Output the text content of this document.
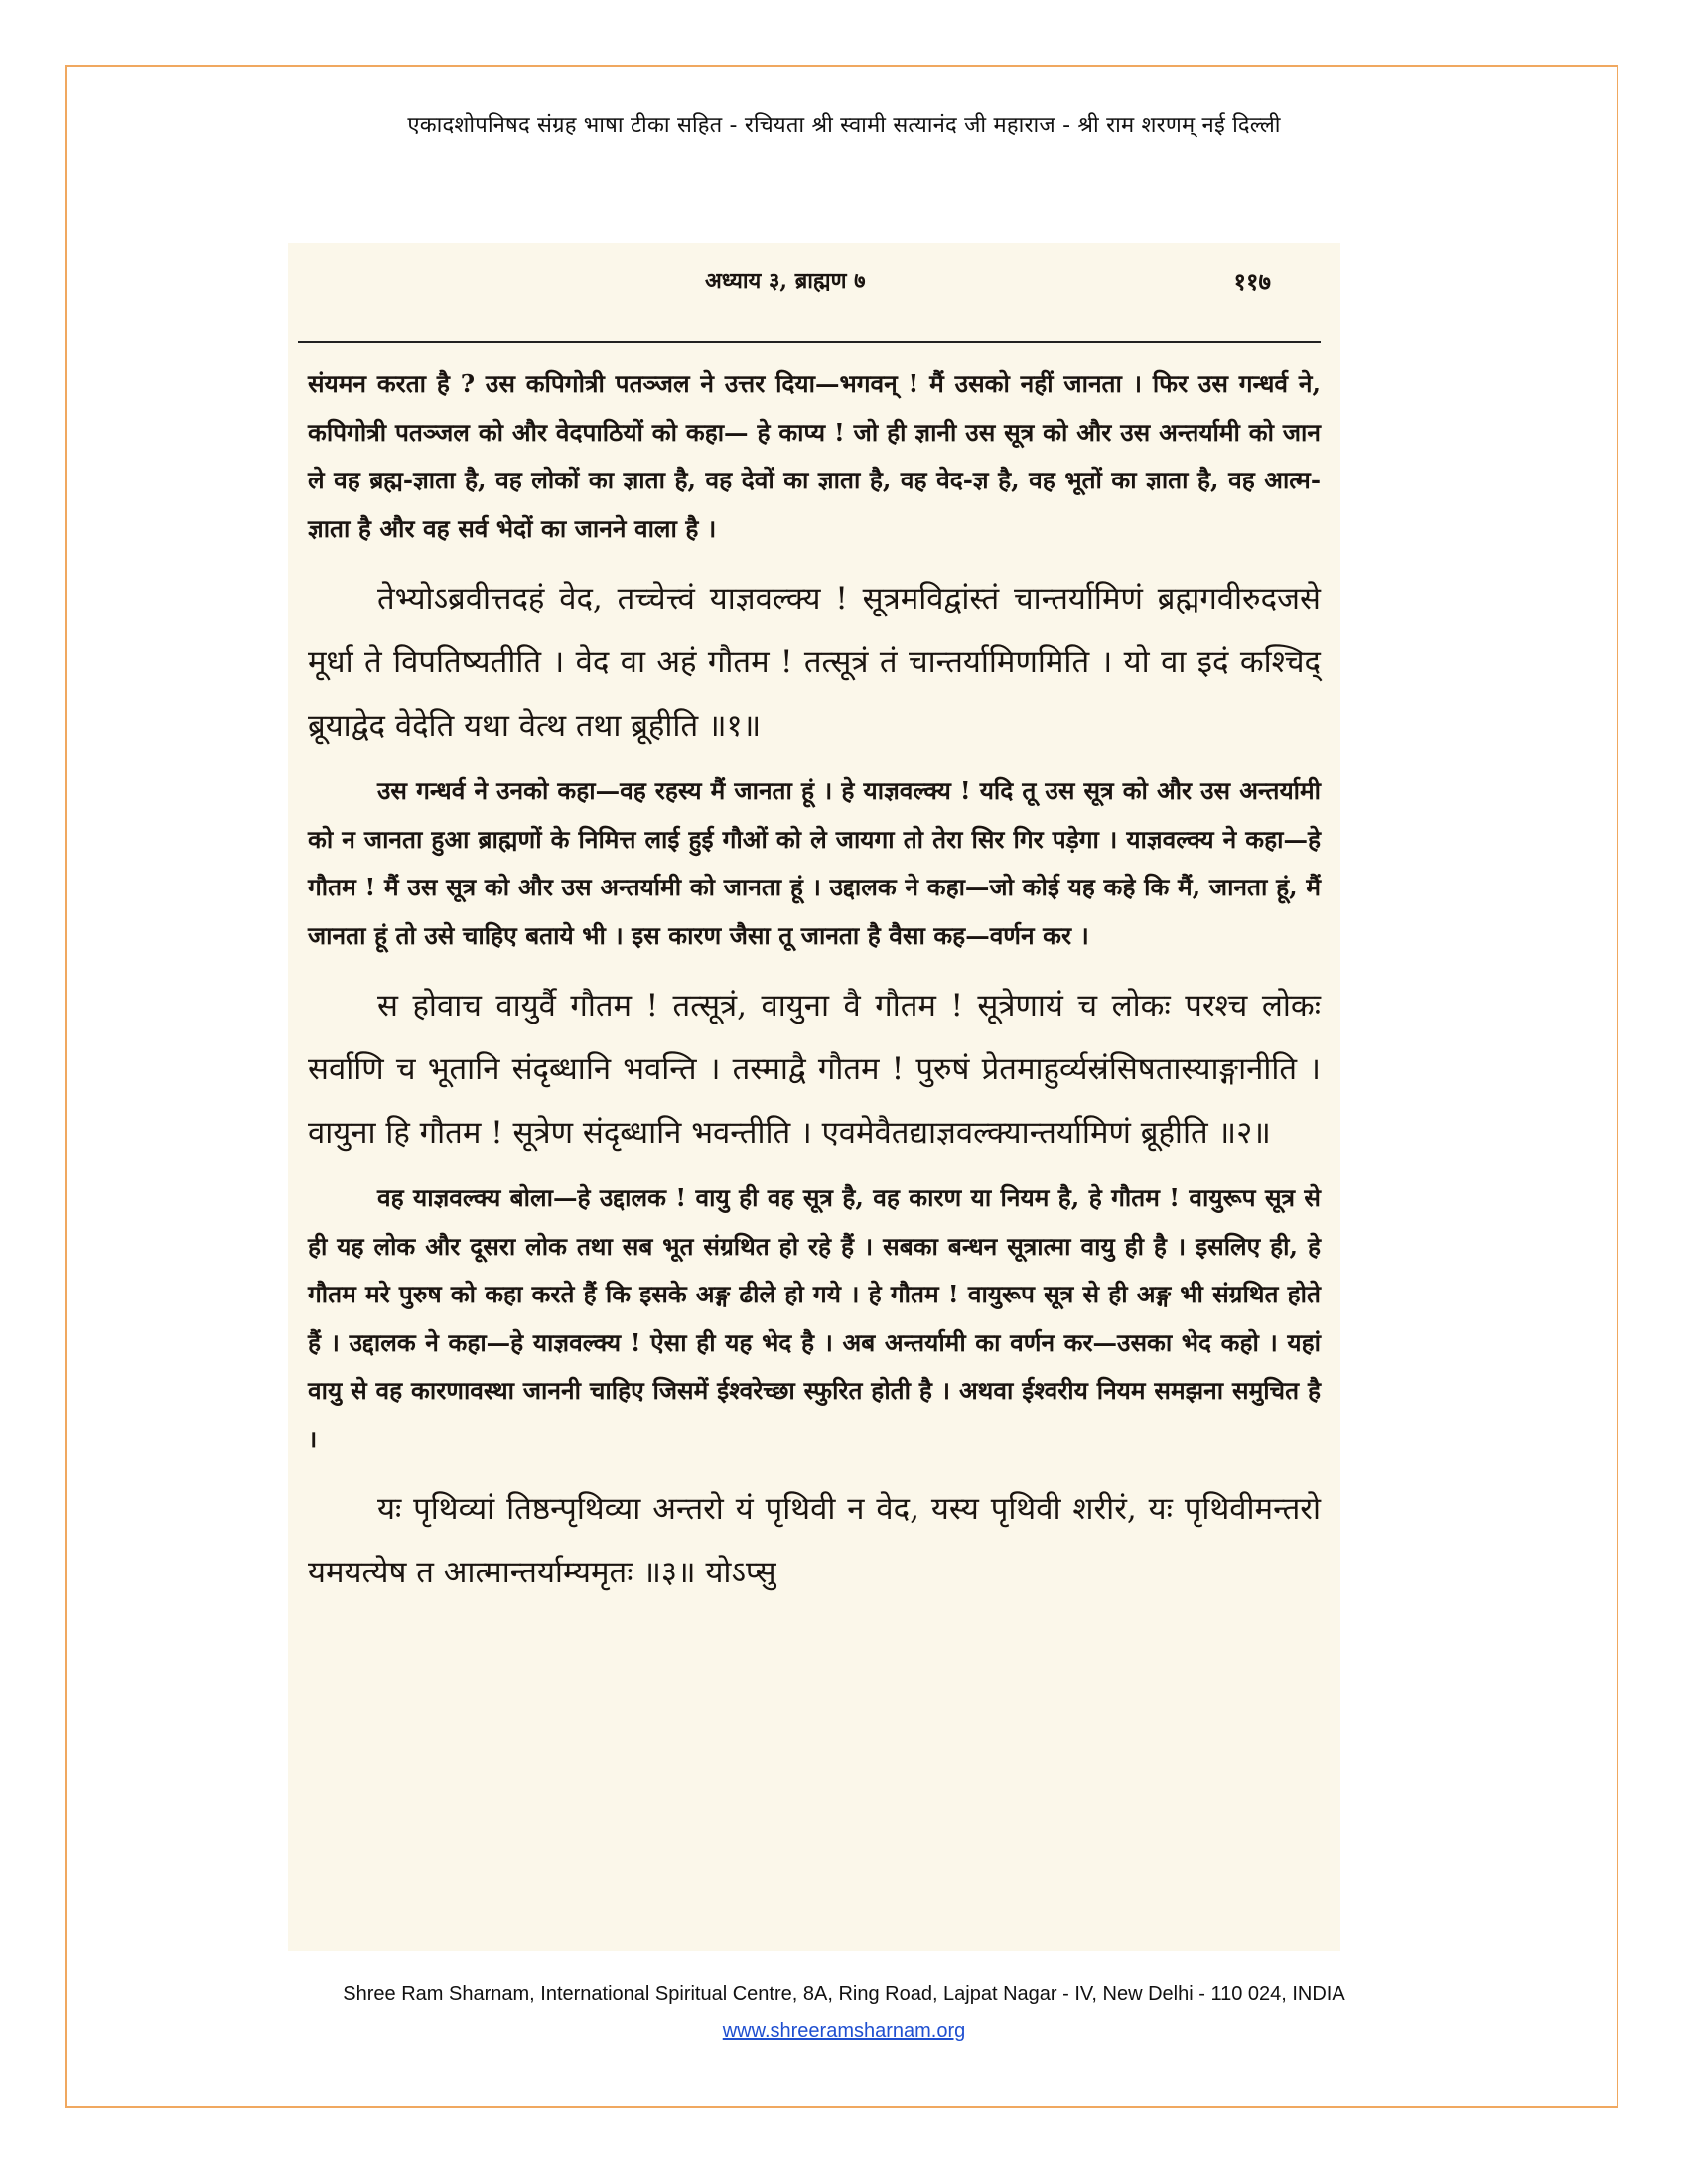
एकादशोपनिषद संग्रह भाषा टीका सहित - रचियता श्री स्वामी सत्यानंद जी महाराज - श्री राम शरणम् नई दिल्ली
अध्याय ३, ब्राह्मण ७	११७

संयमन करता है ? उस कपिगोत्री पतञ्जल ने उत्तर दिया—भगवन् ! मैं उसको नहीं जानता । फिर उस गन्धर्व ने, कपिगोत्री पतञ्जल को और वेदपाठियों को कहा— हे काप्य ! जो ही ज्ञानी उस सूत्र को और उस अन्तर्यामी को जान ले वह ब्रह्म-ज्ञाता है, वह लोकों का ज्ञाता है, वह देवों का ज्ञाता है, वह वेद-ज्ञ है, वह भूतों का ज्ञाता है, वह आत्म-ज्ञाता है और वह सर्व भेदों का जानने वाला है ।

तेभ्योऽब्रवीत्तदहं वेद, तच्चेत्त्वं याज्ञवल्क्य ! सूत्रमविद्वांस्तं चान्तर्यामिणं ब्रह्मगवीरुदजसे मूर्धा ते विपतिष्यतीति । वेद वा अहं गौतम ! तत्सूत्रं तं चान्तर्यामिणमिति । यो वा इदं कश्चिद् ब्रूयाद्वेद वेदेति यथा वेत्थ तथा ब्रूहीति ॥१॥

उस गन्धर्व ने उनको कहा—वह रहस्य मैं जानता हूं । हे याज्ञवल्क्य ! यदि तू उस सूत्र को और उस अन्तर्यामी को न जानता हुआ ब्राह्मणों के निमित्त लाई हुई गौओं को ले जायगा तो तेरा सिर गिर पड़ेगा । याज्ञवल्क्य ने कहा—हे गौतम ! मैं उस सूत्र को और उस अन्तर्यामी को जानता हूं । उद्दालक ने कहा—जो कोई यह कहे कि मैं, जानता हूं, मैं जानता हूं तो उसे चाहिए बताये भी । इस कारण जैसा तू जानता है वैसा कह—वर्णन कर ।

स होवाच वायुर्वै गौतम ! तत्सूत्रं, वायुना वै गौतम ! सूत्रेणायं च लोकः परश्च लोकः सर्वाणि च भूतानि संदृब्धानि भवन्ति । तस्माद्वै गौतम ! पुरुषं प्रेतमाहुर्व्यस्रंसिषतास्याङ्गानीति । वायुना हि गौतम ! सूत्रेण संदृब्धानि भवन्तीति । एवमेवैतद्याज्ञवल्क्यान्तर्यामिणं ब्रूहीति ॥२॥

वह याज्ञवल्क्य बोला—हे उद्दालक ! वायु ही वह सूत्र है, वह कारण या नियम है, हे गौतम ! वायुरूप सूत्र से ही यह लोक और दूसरा लोक तथा सब भूत संग्रथित हो रहे हैं । सबका बन्धन सूत्रात्मा वायु ही है । इसलिए ही, हे गौतम मरे पुरुष को कहा करते हैं कि इसके अङ्ग ढीले हो गये । हे गौतम ! वायुरूप सूत्र से ही अङ्ग भी संग्रथित होते हैं । उद्दालक ने कहा—हे याज्ञवल्क्य ! ऐसा ही यह भेद है । अब अन्तर्यामी का वर्णन कर—उसका भेद कहो । यहां वायु से वह कारणावस्था जाननी चाहिए जिसमें ईश्वरेच्छा स्फुरित होती है । अथवा ईश्वरीय नियम समझना समुचित है ।

यः पृथिव्यां तिष्ठन्पृथिव्या अन्तरो यं पृथिवी न वेद, यस्य पृथिवी शरीरं, यः पृथिवीमन्तरो यमयत्येष त आत्मान्तर्याम्यमृतः ॥३॥ योऽप्सु

Shree Ram Sharnam, International Spiritual Centre, 8A, Ring Road, Lajpat Nagar - IV, New Delhi - 110 024, INDIA
www.shreeramsharnam.org
